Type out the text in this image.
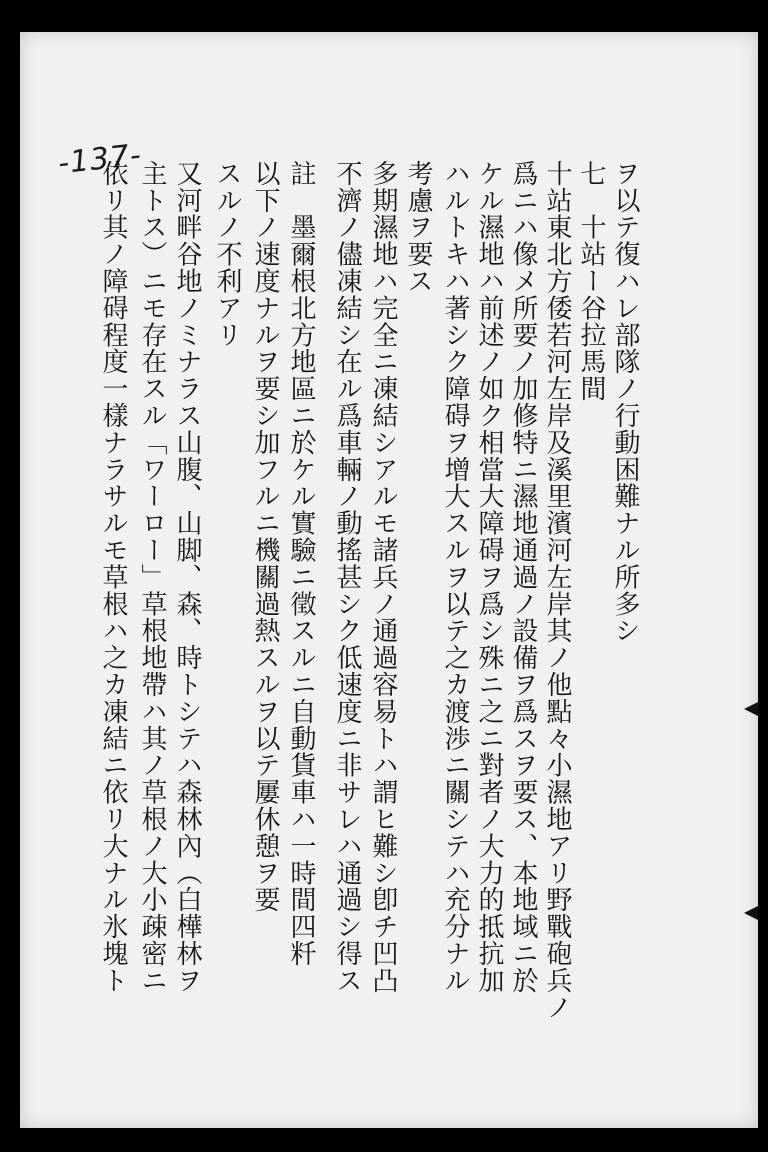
-137-
ヲ以テ復ハレ部隊ノ行動困難ナル所多シ
七　十站ー谷拉馬間
十站東北方倭若河左岸及溪里濱河左岸其ノ他點々小濕地アリ野戰砲兵ノ
爲ニハ像メ所要ノ加修特ニ濕地通過ノ設備ヲ爲スヲ要ス、本地域ニ於
ケル濕地ハ前述ノ如ク相當大障碍ヲ爲シ殊ニ之ニ對者ノ大力的抵抗加
ハルトキハ著シク障碍ヲ增大スルヲ以テ之カ渡渉ニ關シテハ充分ナル
考慮ヲ要ス
多期濕地ハ完全ニ凍結シアルモ諸兵ノ通過容易トハ謂ヒ難シ卽チ凹凸
不濟ノ儘凍結シ在ル爲車輛ノ動搖甚シク低速度ニ非サレハ通過シ得ス
註　墨爾根北方地區ニ於ケル實驗ニ徵スルニ自動貨車ハ一時間四粁
以下ノ速度ナルヲ要シ加フルニ機關過熱スルヲ以テ屢休憩ヲ要
スルノ不利アリ
又河畔谷地ノミナラス山腹、山脚、森、時トシテハ森林內（白樺林ヲ
主トス）ニモ存在スル「ワーロー」草根地帶ハ其ノ草根ノ大小疎密ニ
依リ其ノ障碍程度一樣ナラサルモ草根ハ之カ凍結ニ依リ大ナル氷塊ト
